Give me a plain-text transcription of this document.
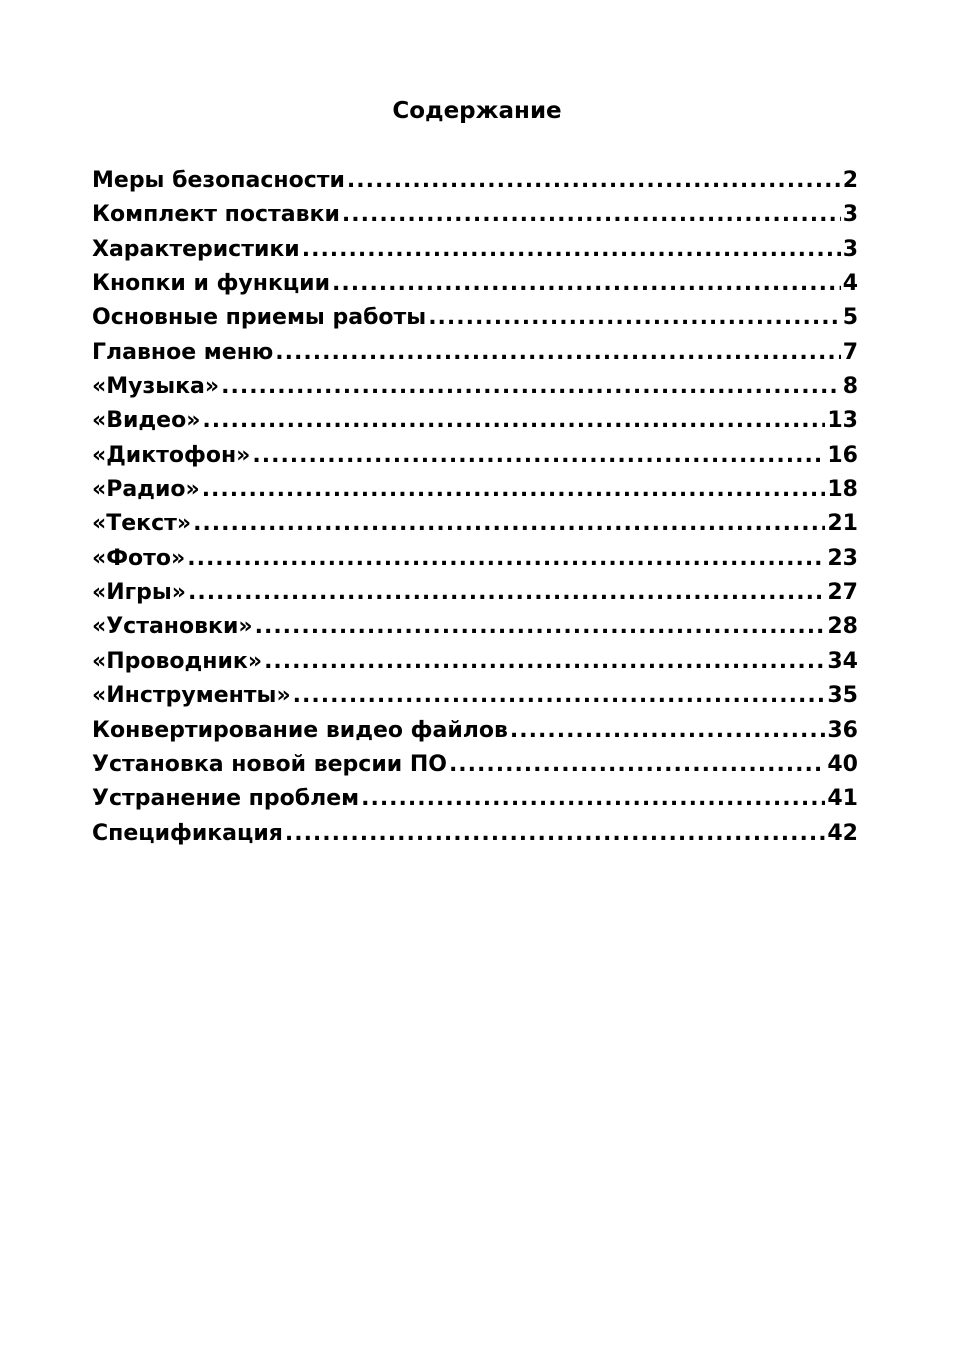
Содержание
Меры безопасности .....	2
Комплект поставки .....	3
Характеристики .....	3
Кнопки и функции .....	4
Основные приемы работы .....	5
Главное меню .....	7
«Музыка» .....	8
«Видео» .....	13
«Диктофон» .....	16
«Радио» .....	18
«Текст» .....	21
«Фото» .....	23
«Игры» .....	27
«Установки» .....	28
«Проводник» .....	34
«Инструменты» .....	35
Конвертирование видео файлов .....	36
Установка новой версии ПО .....	40
Устранение проблем .....	41
Спецификация .....	42
